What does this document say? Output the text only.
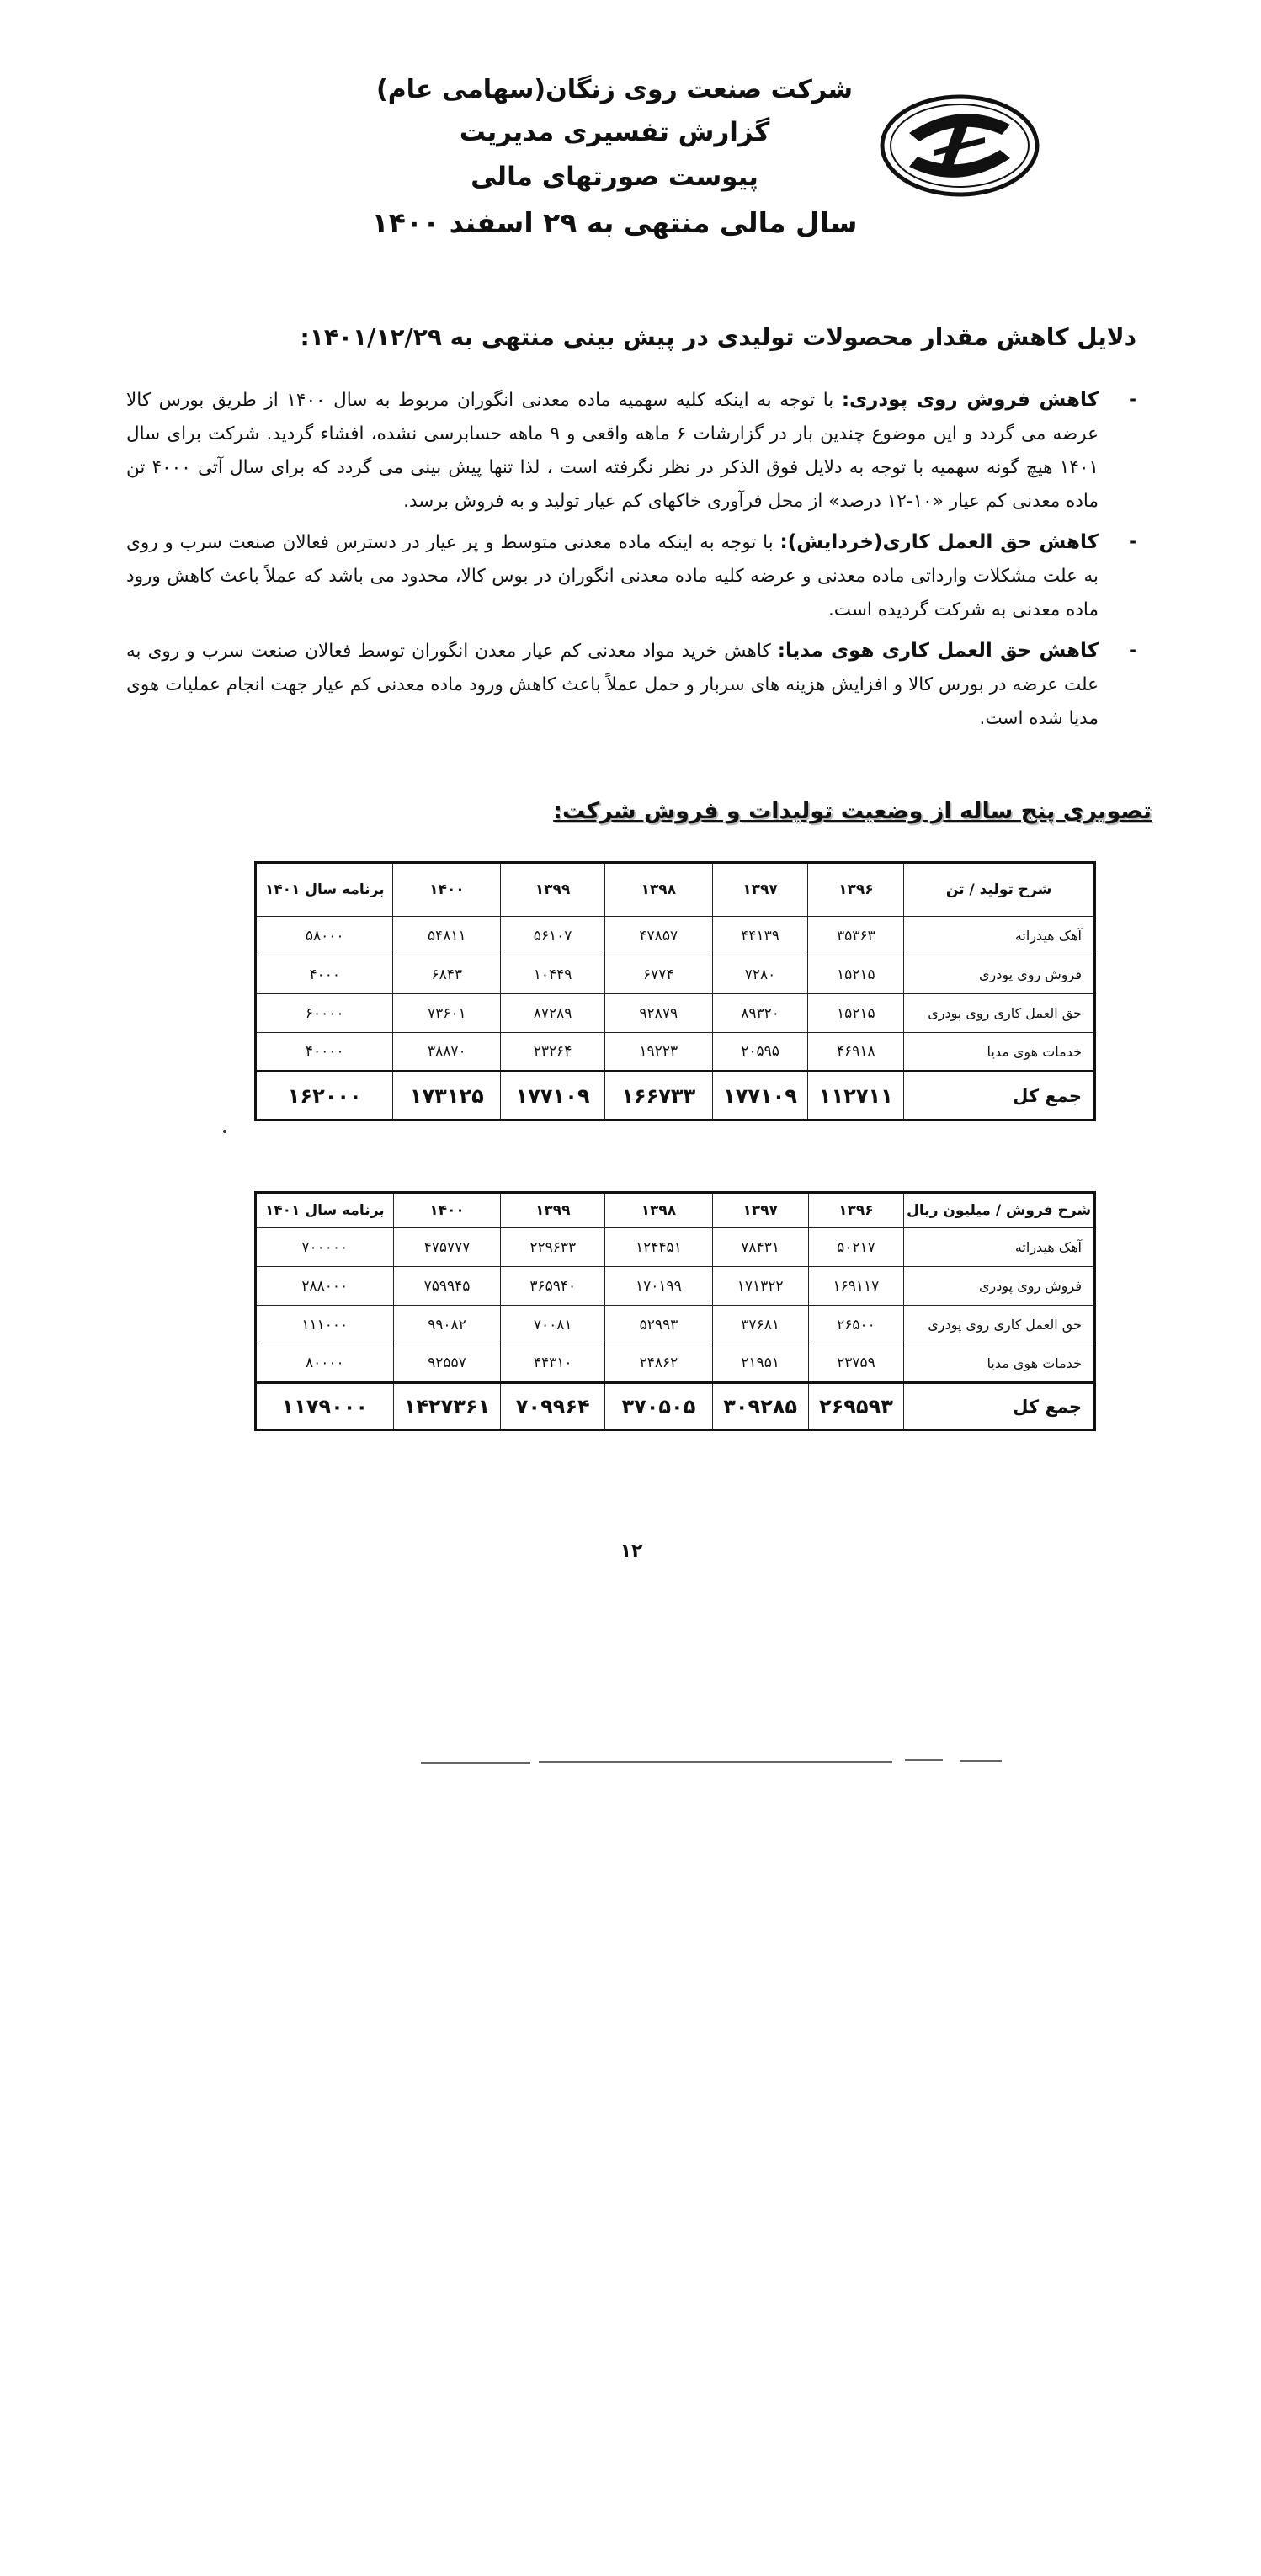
شرکت صنعت روی زنگان(سهامی عام)
گزارش تفسیری مدیریت
پیوست صورتهای مالی
سال مالی منتهی به ۲۹ اسفند ۱۴۰۰
دلایل کاهش مقدار محصولات تولیدی در پیش بینی منتهی به ۱۴۰۱/۱۲/۲۹:
-
کاهش فروش روی پودری: با توجه به اینکه کلیه سهمیه ماده معدنی انگوران مربوط به سال ۱۴۰۰ از طریق بورس کالا عرضه می گردد و این موضوع چندین بار در گزارشات ۶ ماهه واقعی و ۹ ماهه حسابرسی نشده، افشاء گردید. شرکت برای سال ۱۴۰۱ هیچ گونه سهمیه با توجه به دلایل فوق الذکر در نظر نگرفته است ، لذا تنها پیش بینی می گردد که برای سال آتی ۴۰۰۰ تن ماده معدنی کم عیار «۱۰-۱۲ درصد» از محل فرآوری خاکهای کم عیار تولید و به فروش برسد.
-
کاهش حق العمل کاری(خردایش): با توجه به اینکه ماده معدنی متوسط و پر عیار در دسترس فعالان صنعت سرب و روی به علت مشکلات وارداتی ماده معدنی و عرضه کلیه ماده معدنی انگوران در بوس کالا، محدود می باشد که عملاً باعث کاهش ورود ماده معدنی به شرکت گردیده است.
-
کاهش حق العمل کاری هوی مدیا: کاهش خرید مواد معدنی کم عیار معدن انگوران توسط فعالان صنعت سرب و روی به علت عرضه در بورس کالا و افزایش هزینه های سربار و حمل عملاً باعث کاهش ورود ماده معدنی کم عیار جهت انجام عملیات هوی مدیا شده است.
تصویری پنج ساله از وضعیت تولیدات و فروش شرکت:
شرح تولید / تن	۱۳۹۶	۱۳۹۷	۱۳۹۸	۱۳۹۹	۱۴۰۰	برنامه سال ۱۴۰۱
آهک هیدراته	۳۵۳۶۳	۴۴۱۳۹	۴۷۸۵۷	۵۶۱۰۷	۵۴۸۱۱	۵۸۰۰۰
فروش روی پودری	۱۵۲۱۵	۷۲۸۰	۶۷۷۴	۱۰۴۴۹	۶۸۴۳	۴۰۰۰
حق العمل کاری روی پودری	۱۵۲۱۵	۸۹۳۲۰	۹۲۸۷۹	۸۷۲۸۹	۷۳۶۰۱	۶۰۰۰۰
خدمات هوی مدیا	۴۶۹۱۸	۲۰۵۹۵	۱۹۲۲۳	۲۳۲۶۴	۳۸۸۷۰	۴۰۰۰۰
جمع کل	۱۱۲۷۱۱	۱۷۷۱۰۹	۱۶۶۷۳۳	۱۷۷۱۰۹	۱۷۳۱۲۵	۱۶۲۰۰۰
شرح فروش / میلیون ریال	۱۳۹۶	۱۳۹۷	۱۳۹۸	۱۳۹۹	۱۴۰۰	برنامه سال ۱۴۰۱
آهک هیدراته	۵۰۲۱۷	۷۸۴۳۱	۱۲۴۴۵۱	۲۲۹۶۳۳	۴۷۵۷۷۷	۷۰۰۰۰۰
فروش روی پودری	۱۶۹۱۱۷	۱۷۱۳۲۲	۱۷۰۱۹۹	۳۶۵۹۴۰	۷۵۹۹۴۵	۲۸۸۰۰۰
حق العمل کاری روی پودری	۲۶۵۰۰	۳۷۶۸۱	۵۲۹۹۳	۷۰۰۸۱	۹۹۰۸۲	۱۱۱۰۰۰
خدمات هوی مدیا	۲۳۷۵۹	۲۱۹۵۱	۲۴۸۶۲	۴۴۳۱۰	۹۲۵۵۷	۸۰۰۰۰
جمع کل	۲۶۹۵۹۳	۳۰۹۲۸۵	۳۷۰۵۰۵	۷۰۹۹۶۴	۱۴۲۷۳۶۱	۱۱۷۹۰۰۰
۱۲
